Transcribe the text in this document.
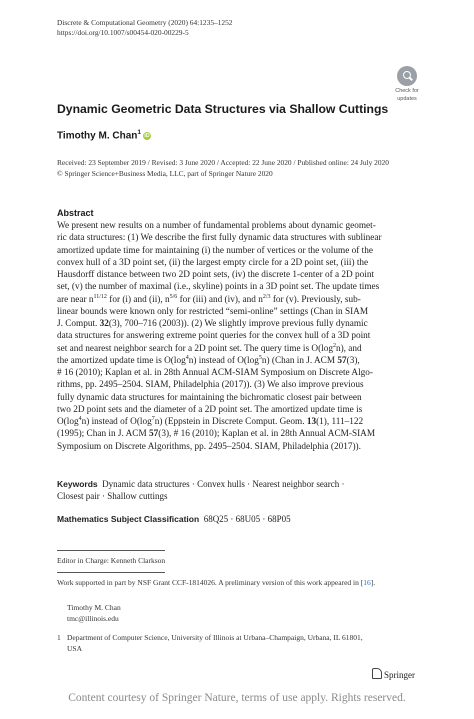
Discrete & Computational Geometry (2020) 64:1235–1252
https://doi.org/10.1007/s00454-020-00229-5
Check for
updates
Dynamic Geometric Data Structures via Shallow Cuttings
Timothy M. Chan$^1$iD
Received: 23 September 2019 / Revised: 3 June 2020 / Accepted: 22 June 2020 / Published online: 24 July 2020
© Springer Science+Business Media, LLC, part of Springer Nature 2020
Abstract
We present new results on a number of fundamental problems about dynamic geomet-
ric data structures: (1) We describe the first fully dynamic data structures with sublinear
amortized update time for maintaining (i) the number of vertices or the volume of the
convex hull of a 3D point set, (ii) the largest empty circle for a 2D point set, (iii) the
Hausdorff distance between two 2D point sets, (iv) the discrete 1-center of a 2D point
set, (v) the number of maximal (i.e., skyline) points in a 3D point set. The update times
are near $n^{11/12}$ for (i) and (ii), $n^{5/6}$ for (iii) and (iv), and $n^{2/3}$ for (v). Previously, sub-
linear bounds were known only for restricted “semi-online” settings (Chan in SIAM
J. Comput. 32(3), 700–716 (2003)). (2) We slightly improve previous fully dynamic
data structures for answering extreme point queries for the convex hull of a 3D point
set and nearest neighbor search for a 2D point set. The query time is $O(\log^2n)$, and
the amortized update time is $O(\log^4n)$ instead of $O(\log^5n)$ (Chan in J. ACM 57(3),
# 16 (2010); Kaplan et al. in 28th Annual ACM-SIAM Symposium on Discrete Algo-
rithms, pp. 2495–2504. SIAM, Philadelphia (2017)). (3) We also improve previous
fully dynamic data structures for maintaining the bichromatic closest pair between
two 2D point sets and the diameter of a 2D point set. The amortized update time is
$O(\log^4n)$ instead of $O(\log^7n)$ (Eppstein in Discrete Comput. Geom. 13(1), 111–122
(1995); Chan in J. ACM 57(3), # 16 (2010); Kaplan et al. in 28th Annual ACM-SIAM
Symposium on Discrete Algorithms, pp. 2495–2504. SIAM, Philadelphia (2017)).
Keywords Dynamic data structures · Convex hulls · Nearest neighbor search ·
Closest pair · Shallow cuttings
Mathematics Subject Classification 68Q25 · 68U05 · 68P05
Editor in Charge: Kenneth Clarkson
Work supported in part by NSF Grant CCF-1814026. A preliminary version of this work appeared in [16].
Timothy M. Chan
tmc@illinois.edu
1 Department of Computer Science, University of Illinois at Urbana–Champaign, Urbana, IL 61801,
USA
Springer
Content courtesy of Springer Nature, terms of use apply. Rights reserved.
